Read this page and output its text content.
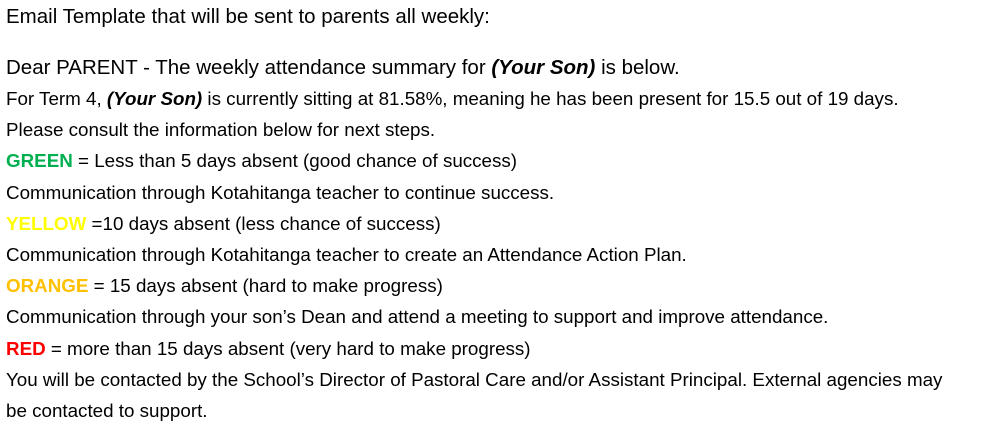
Email Template that will be sent to parents all weekly:
Dear PARENT - The weekly attendance summary for (Your Son) is below.
For Term 4, (Your Son) is currently sitting at 81.58%, meaning he has been present for 15.5 out of 19 days.
Please consult the information below for next steps.
GREEN = Less than 5 days absent (good chance of success)
Communication through Kotahitanga teacher to continue success.
YELLOW =10 days absent (less chance of success)
Communication through Kotahitanga teacher to create an Attendance Action Plan.
ORANGE = 15 days absent (hard to make progress)
Communication through your son’s Dean and attend a meeting to support and improve attendance.
RED = more than 15 days absent (very hard to make progress)
You will be contacted by the School’s Director of Pastoral Care and/or Assistant Principal. External agencies may be contacted to support.
